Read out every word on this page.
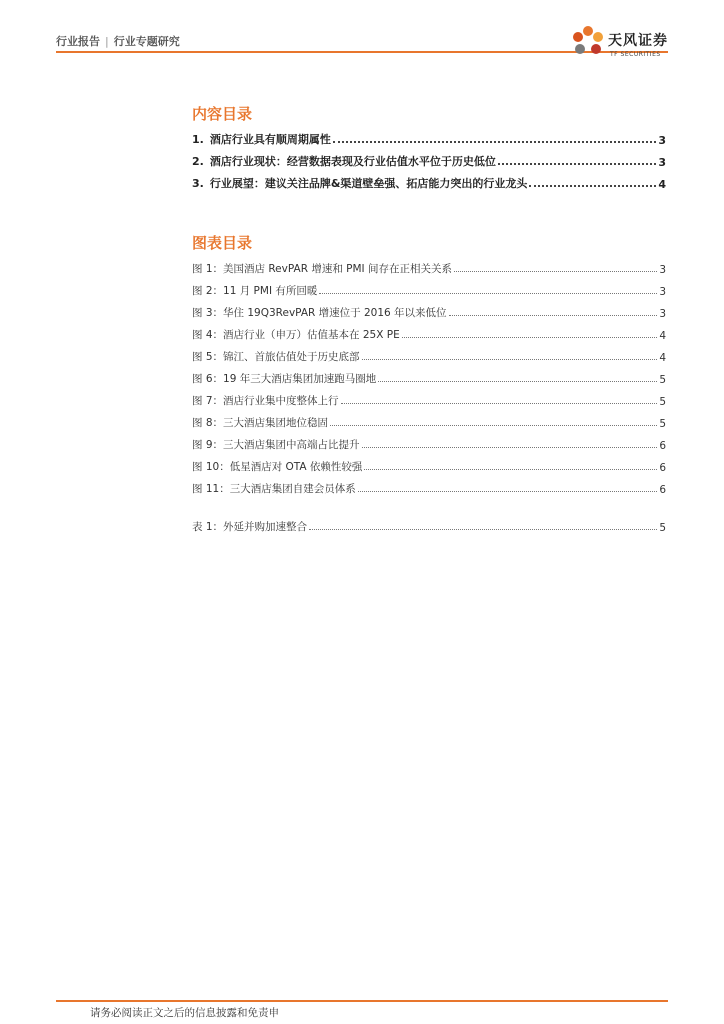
行业报告 | 行业专题研究	天风证券
TF SECURITIES
内容目录
1. 酒店行业具有顺周期属性	3
2. 酒店行业现状：经营数据表现及行业估值水平位于历史低位	3
3. 行业展望：建议关注品牌&渠道壁垒强、拓店能力突出的行业龙头	4
图表目录
图 1：美国酒店 RevPAR 增速和 PMI 间存在正相关关系	3
图 2：11 月 PMI 有所回暖	3
图 3：华住 19Q3RevPAR 增速位于 2016 年以来低位	3
图 4：酒店行业（申万）估值基本在 25X PE	4
图 5：锦江、首旅估值处于历史底部	4
图 6：19 年三大酒店集团加速跑马圈地	5
图 7：酒店行业集中度整体上行	5
图 8：三大酒店集团地位稳固	5
图 9：三大酒店集团中高端占比提升	6
图 10：低星酒店对 OTA 依赖性较强	6
图 11：三大酒店集团自建会员体系	6
表 1：外延并购加速整合	5
请务必阅读正文之后的信息披露和免责申
